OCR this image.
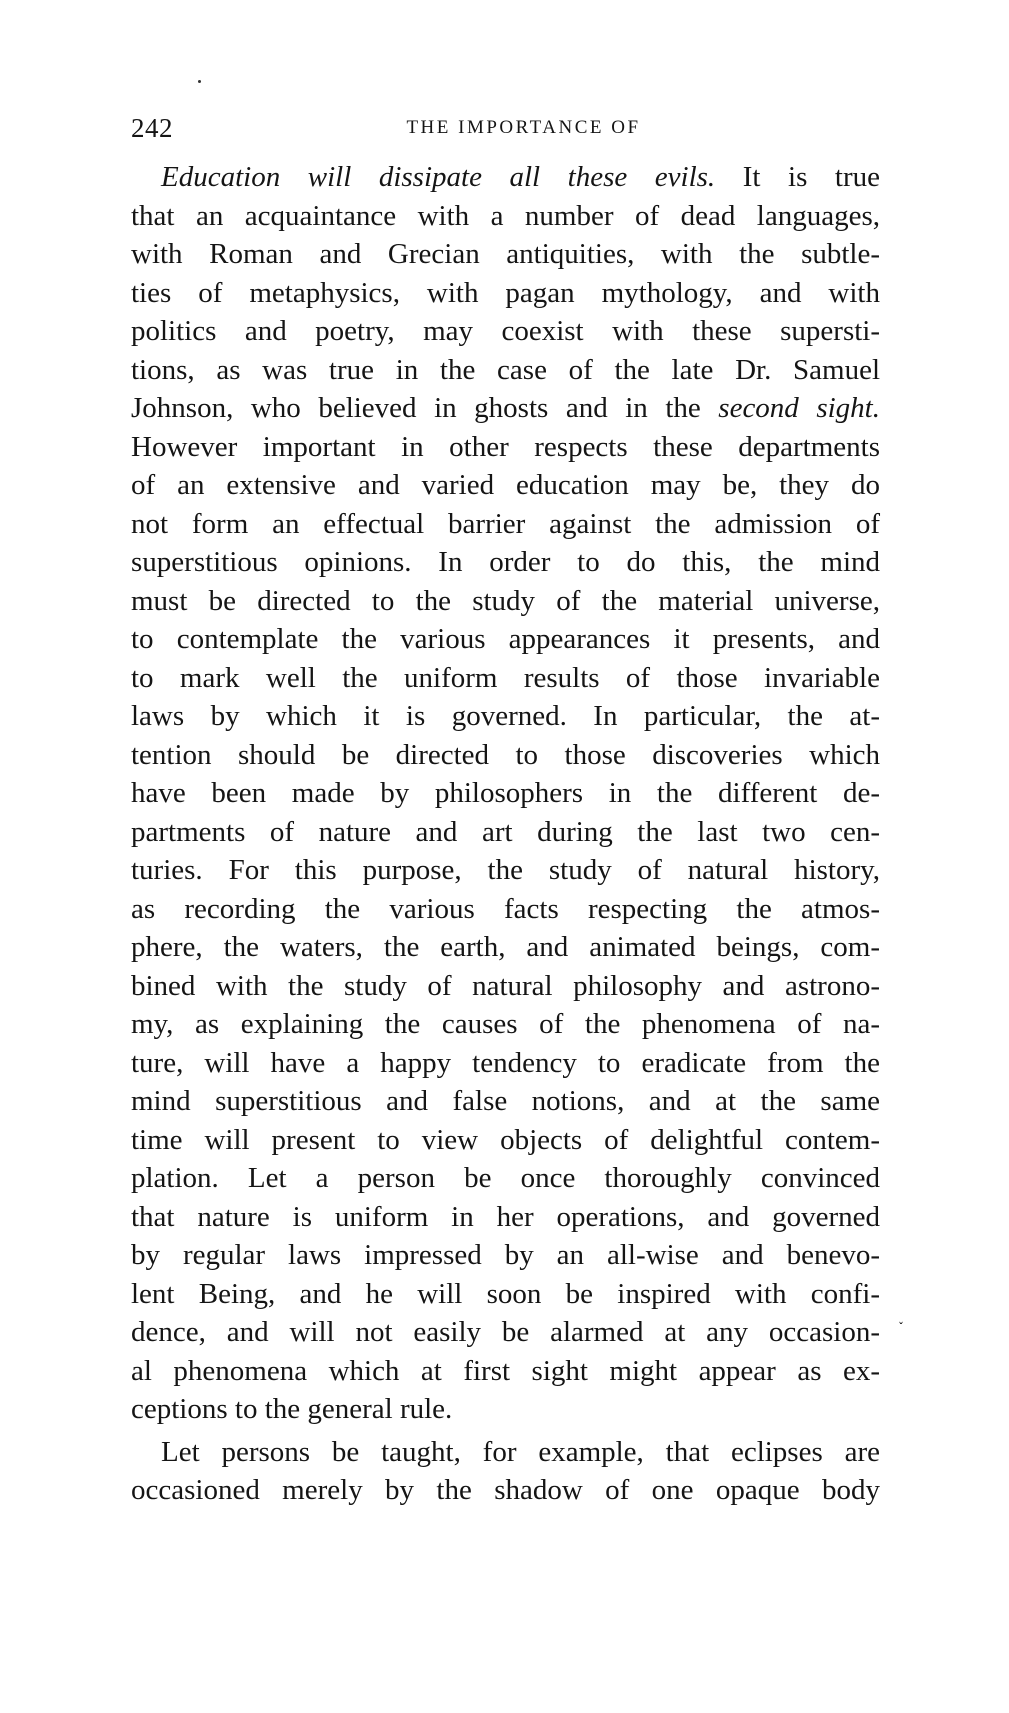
242	THE IMPORTANCE OF
Education will dissipate all these evils. It is true
that an acquaintance with a number of dead languages,
with Roman and Grecian antiquities, with the subtle-
ties of metaphysics, with pagan mythology, and with
politics and poetry, may coexist with these supersti-
tions, as was true in the case of the late Dr. Samuel
Johnson, who believed in ghosts and in the second sight.
However important in other respects these departments
of an extensive and varied education may be, they do
not form an effectual barrier against the admission of
superstitious opinions. In order to do this, the mind
must be directed to the study of the material universe,
to contemplate the various appearances it presents, and
to mark well the uniform results of those invariable
laws by which it is governed. In particular, the at-
tention should be directed to those discoveries which
have been made by philosophers in the different de-
partments of nature and art during the last two cen-
turies. For this purpose, the study of natural history,
as recording the various facts respecting the atmos-
phere, the waters, the earth, and animated beings, com-
bined with the study of natural philosophy and astrono-
my, as explaining the causes of the phenomena of na-
ture, will have a happy tendency to eradicate from the
mind superstitious and false notions, and at the same
time will present to view objects of delightful contem-
plation. Let a person be once thoroughly convinced
that nature is uniform in her operations, and governed
by regular laws impressed by an all-wise and benevo-
lent Being, and he will soon be inspired with confi-
dence, and will not easily be alarmed at any occasion-
al phenomena which at first sight might appear as ex-
ceptions to the general rule.
Let persons be taught, for example, that eclipses are
occasioned merely by the shadow of one opaque body
˯
